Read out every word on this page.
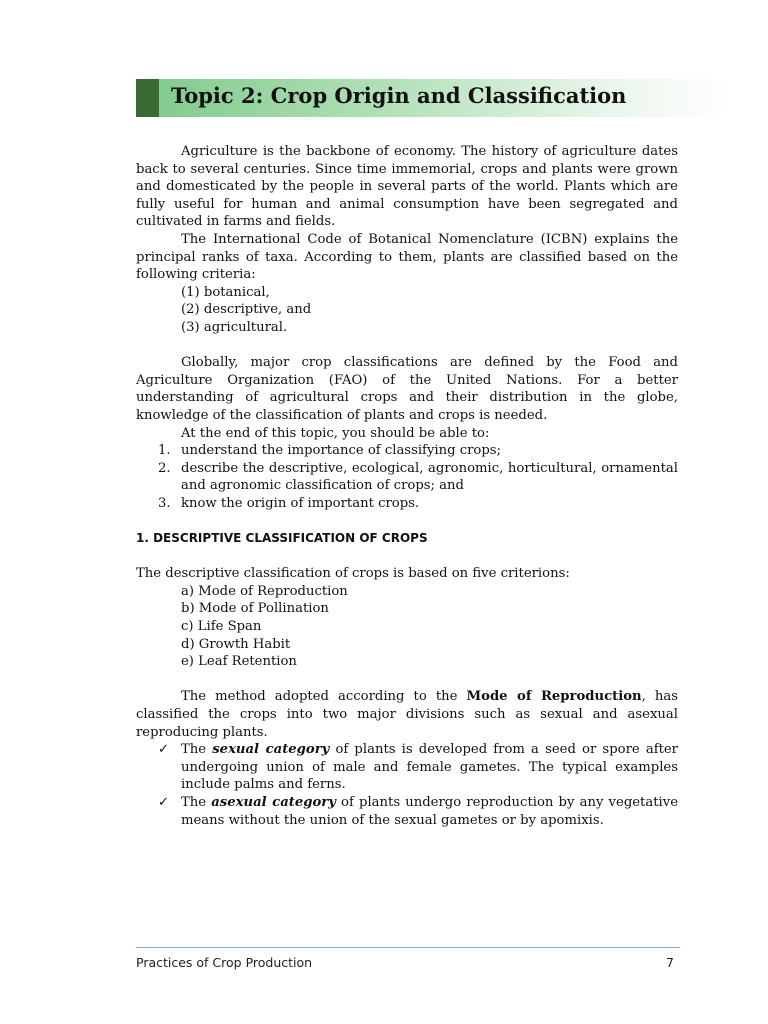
Topic 2: Crop Origin and Classification

Agriculture is the backbone of economy. The history of agriculture dates back to several centuries. Since time immemorial, crops and plants were grown and domesticated by the people in several parts of the world. Plants which are fully useful for human and animal consumption have been segregated and cultivated in farms and fields.

The International Code of Botanical Nomenclature (ICBN) explains the principal ranks of taxa. According to them, plants are classified based on the following criteria:

(1) botanical,

(2) descriptive, and

(3) agricultural.

Globally, major crop classifications are defined by the Food and Agriculture Organization (FAO) of the United Nations. For a better understanding of agricultural crops and their distribution in the globe, knowledge of the classification of plants and crops is needed.

At the end of this topic, you should be able to:

1. understand the importance of classifying crops;
2. describe the descriptive, ecological, agronomic, horticultural, ornamental and agronomic classification of crops; and
3. know the origin of important crops.

1. DESCRIPTIVE CLASSIFICATION OF CROPS

The descriptive classification of crops is based on five criterions:

a) Mode of Reproduction

b) Mode of Pollination

c) Life Span

d) Growth Habit

e) Leaf Retention

The method adopted according to the Mode of Reproduction, has classified the crops into two major divisions such as sexual and asexual reproducing plants.

✓ The sexual category of plants is developed from a seed or spore after undergoing union of male and female gametes. The typical examples include palms and ferns.
✓ The asexual category of plants undergo reproduction by any vegetative means without the union of the sexual gametes or by apomixis.
Practices of Crop Production	7
